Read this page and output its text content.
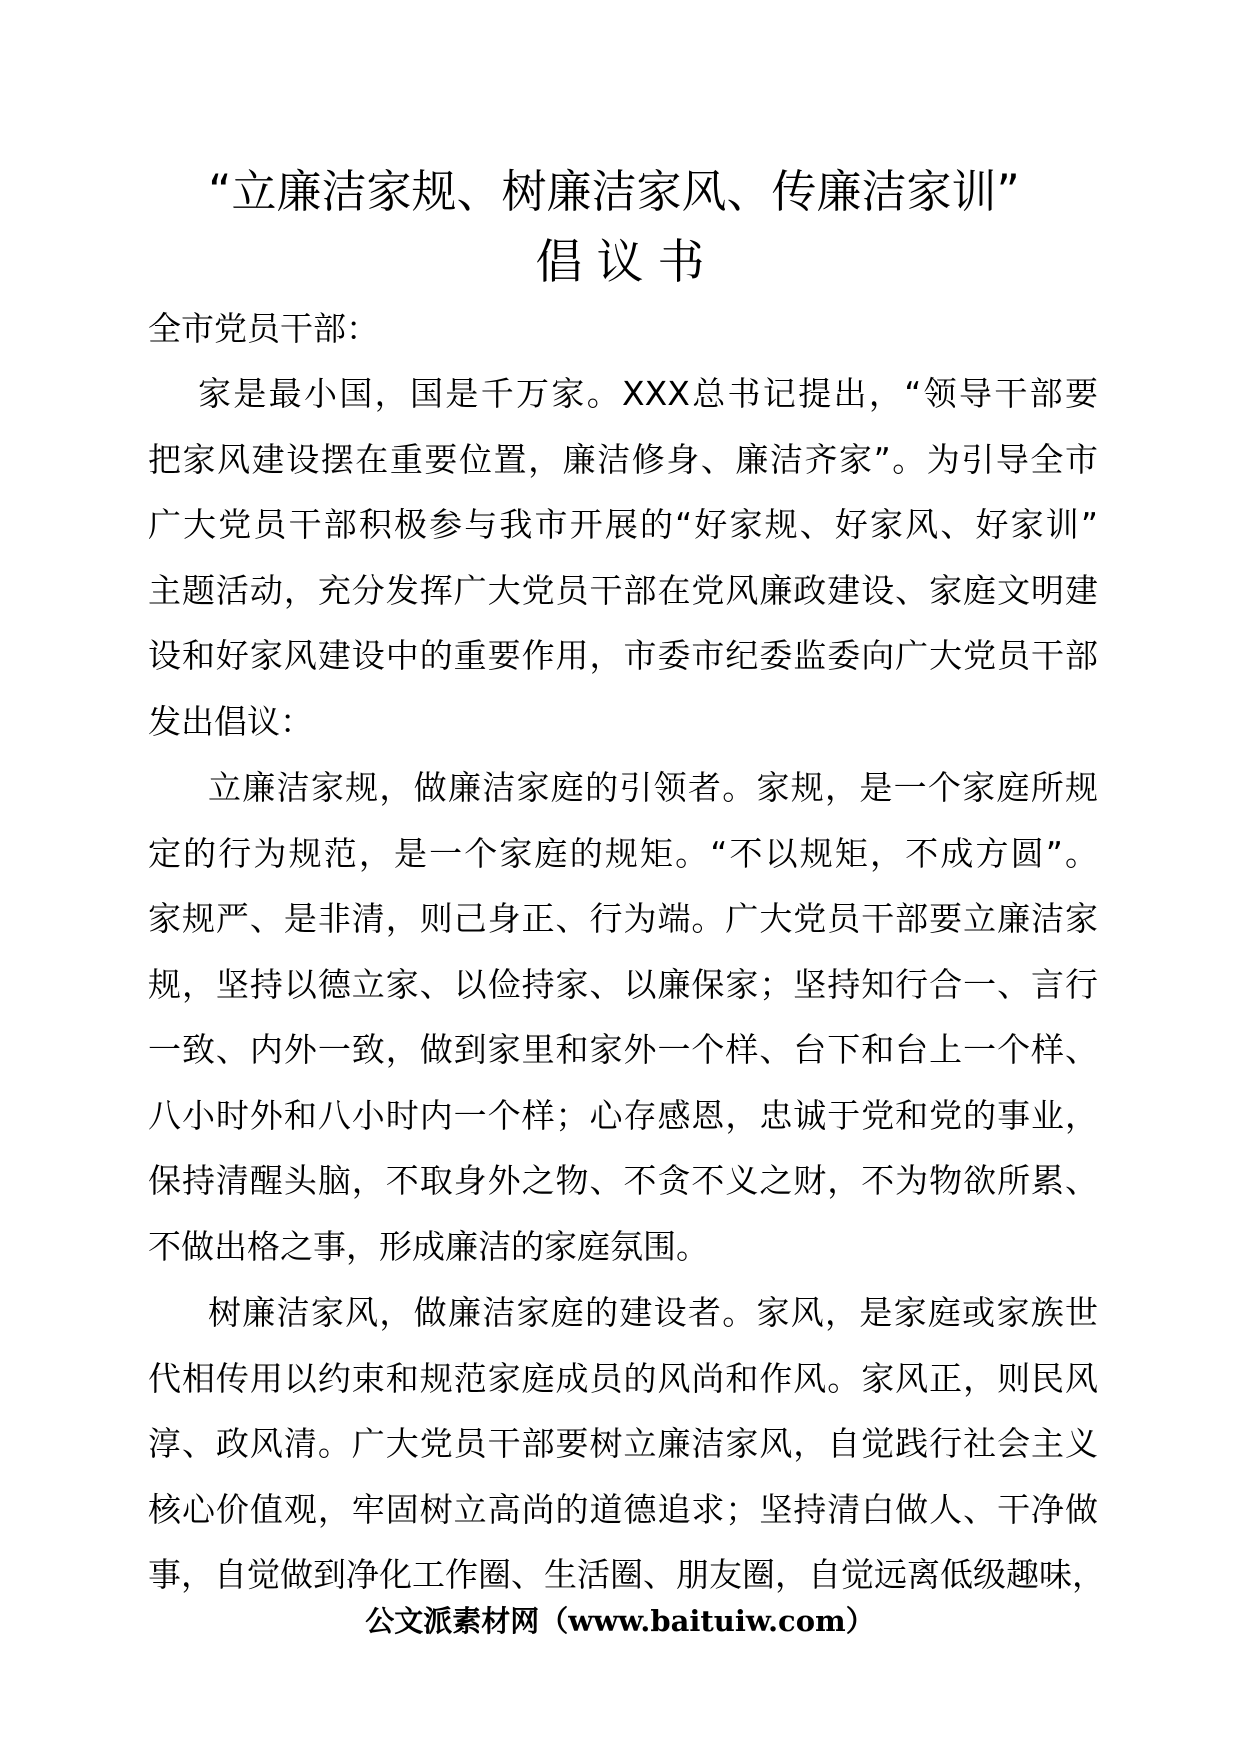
“立廉洁家规、树廉洁家风、传廉洁家训”
倡议书
全市党员干部：
家是最小国，国是千万家。XXX总书记提出，“领导干部要
把家风建设摆在重要位置，廉洁修身、廉洁齐家”。为引导全市
广大党员干部积极参与我市开展的“好家规、好家风、好家训”
主题活动，充分发挥广大党员干部在党风廉政建设、家庭文明建
设和好家风建设中的重要作用，市委市纪委监委向广大党员干部
发出倡议：
立廉洁家规，做廉洁家庭的引领者。家规，是一个家庭所规
定的行为规范，是一个家庭的规矩。“不以规矩，不成方圆”。
家规严、是非清，则己身正、行为端。广大党员干部要立廉洁家
规，坚持以德立家、以俭持家、以廉保家；坚持知行合一、言行
一致、内外一致，做到家里和家外一个样、台下和台上一个样、
八小时外和八小时内一个样；心存感恩，忠诚于党和党的事业，
保持清醒头脑，不取身外之物、不贪不义之财，不为物欲所累、
不做出格之事，形成廉洁的家庭氛围。
树廉洁家风，做廉洁家庭的建设者。家风，是家庭或家族世
代相传用以约束和规范家庭成员的风尚和作风。家风正，则民风
淳、政风清。广大党员干部要树立廉洁家风，自觉践行社会主义
核心价值观，牢固树立高尚的道德追求；坚持清白做人、干净做
事，自觉做到净化工作圈、生活圈、朋友圈，自觉远离低级趣味，
公文派素材网（www.baituiw.com）
